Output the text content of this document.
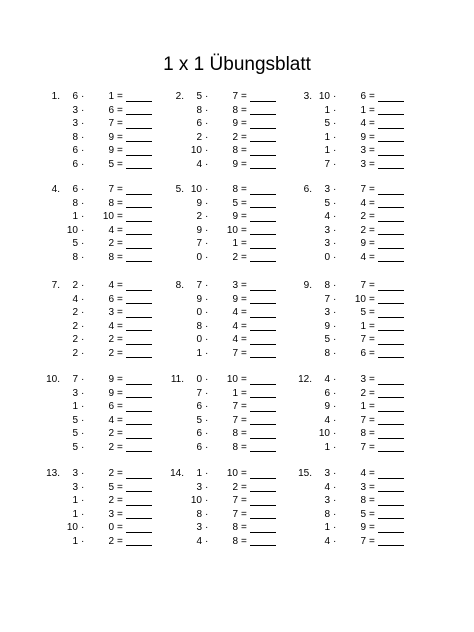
1 x 1 Übungsblatt
1.	6 ·	1 =
3 ·	6 =
3 ·	7 =
8 ·	9 =
6 ·	9 =
6 ·	5 =
2.	5 ·	7 =
8 ·	8 =
6 ·	9 =
2 ·	2 =
10 ·	8 =
4 ·	9 =
3. 10 ·	6 =
1 ·	1 =
5 ·	4 =
1 ·	9 =
1 ·	3 =
7 ·	3 =
4.	6 ·	7 =
8 ·	8 =
1 ·	10 =
10 ·	4 =
5 ·	2 =
8 ·	8 =
5. 10 ·	8 =
9 ·	5 =
2 ·	9 =
9 ·	10 =
7 ·	1 =
0 ·	2 =
6.	3 ·	7 =
5 ·	4 =
4 ·	2 =
3 ·	2 =
3 ·	9 =
0 ·	4 =
7.	2 ·	4 =
4 ·	6 =
2 ·	3 =
2 ·	4 =
2 ·	2 =
2 ·	2 =
8.	7 ·	3 =
9 ·	9 =
0 ·	4 =
8 ·	4 =
0 ·	4 =
1 ·	7 =
9.	8 ·	7 =
7 ·	10 =
3 ·	5 =
9 ·	1 =
5 ·	7 =
8 ·	6 =
10.	7 ·	9 =
3 ·	9 =
1 ·	6 =
5 ·	4 =
5 ·	2 =
5 ·	2 =
11.	0 ·	10 =
7 ·	1 =
6 ·	7 =
5 ·	7 =
6 ·	8 =
6 ·	8 =
12.	4 ·	3 =
6 ·	2 =
9 ·	1 =
4 ·	7 =
10 ·	8 =
1 ·	7 =
13.	3 ·	2 =
3 ·	5 =
1 ·	2 =
1 ·	3 =
10 ·	0 =
1 ·	2 =
14.	1 ·	10 =
3 ·	2 =
10 ·	7 =
8 ·	7 =
3 ·	8 =
4 ·	8 =
15.	3 ·	4 =
4 ·	3 =
3 ·	8 =
8 ·	5 =
1 ·	9 =
4 ·	7 =
